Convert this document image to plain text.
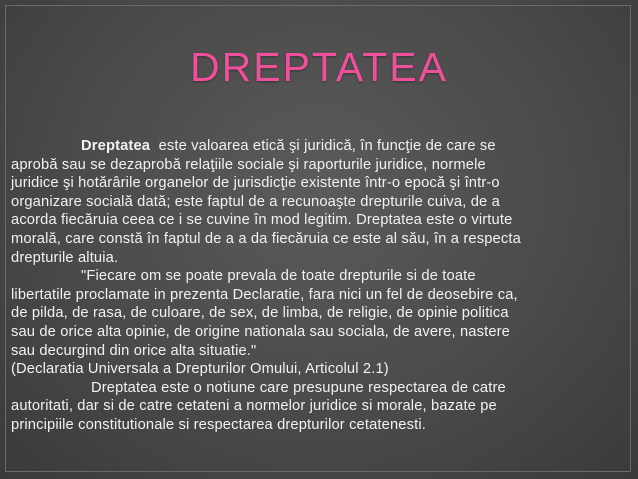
DREPTATEA
Dreptatea  este valoarea etică şi juridică, în funcţie de care se
aprobă sau se dezaprobă relaţiile sociale şi raporturile juridice, normele
juridice şi hotărârile organelor de jurisdicţie existente într-o epocă şi într-o
organizare socială dată; este faptul de a recunoaşte drepturile cuiva, de a
acorda fiecăruia ceea ce i se cuvine în mod legitim. Dreptatea este o virtute
morală, care constă în faptul de a a da fiecăruia ce este al său, în a respecta
drepturile altuia.
"Fiecare om se poate prevala de toate drepturile si de toate
libertatile proclamate in prezenta Declaratie, fara nici un fel de deosebire ca,
de pilda, de rasa, de culoare, de sex, de limba, de religie, de opinie politica
sau de orice alta opinie, de origine nationala sau sociala, de avere, nastere
sau decurgind din orice alta situatie."
(Declaratia Universala a Drepturilor Omului, Articolul 2.1)
Dreptatea este o notiune care presupune respectarea de catre
autoritati, dar si de catre cetateni a normelor juridice si morale, bazate pe
principiile constitutionale si respectarea drepturilor cetatenesti.
